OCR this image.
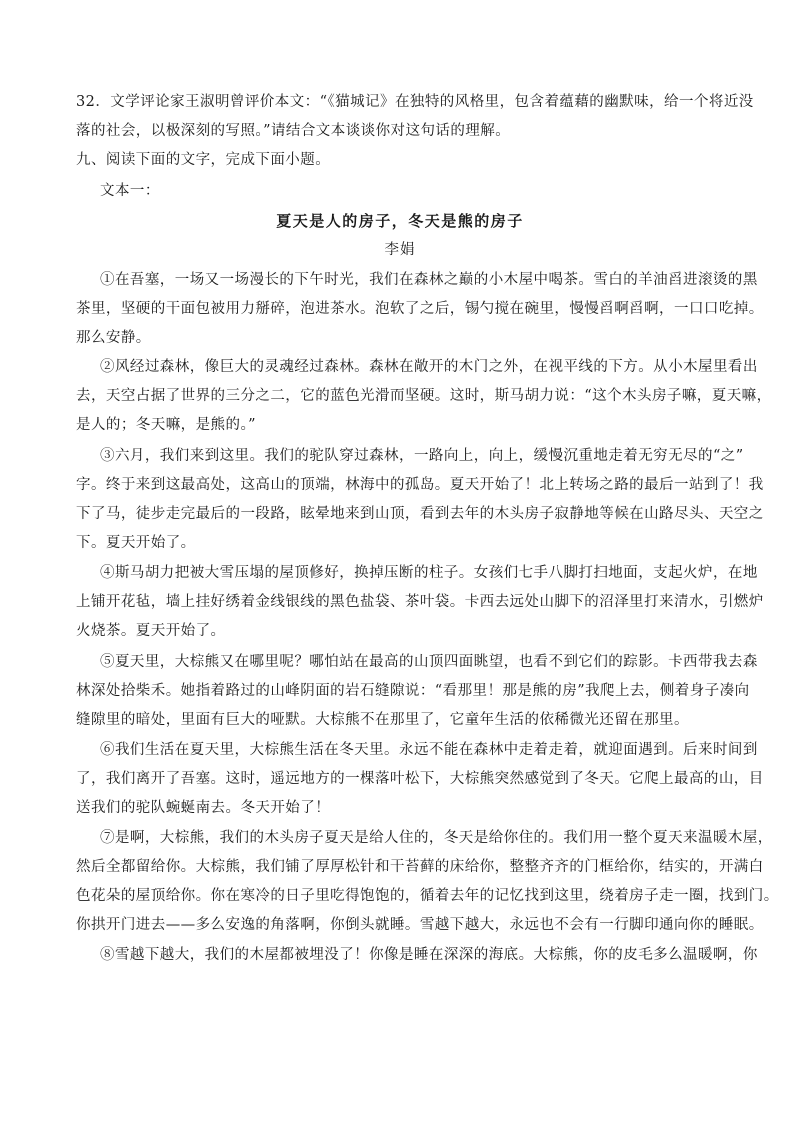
32．文学评论家王淑明曾评价本文：“《猫城记》在独特的风格里，包含着蕴藉的幽默味，给一个将近没
落的社会，以极深刻的写照。”请结合文本谈谈你对这句话的理解。
九、阅读下面的文字，完成下面小题。
文本一：
夏天是人的房子，冬天是熊的房子
李娟
①在吾塞，一场又一场漫长的下午时光，我们在森林之巅的小木屋中喝茶。雪白的羊油舀进滚烫的黑
茶里，坚硬的干面包被用力掰碎，泡进茶水。泡软了之后，锡勺搅在碗里，慢慢舀啊舀啊，一口口吃掉。
那么安静。
②风经过森林，像巨大的灵魂经过森林。森林在敞开的木门之外，在视平线的下方。从小木屋里看出
去，天空占据了世界的三分之二，它的蓝色光滑而坚硬。这时，斯马胡力说：“这个木头房子嘛，夏天嘛，
是人的；冬天嘛，是熊的。”
③六月，我们来到这里。我们的驼队穿过森林，一路向上，向上，缓慢沉重地走着无穷无尽的“之”
字。终于来到这最高处，这高山的顶端，林海中的孤岛。夏天开始了！北上转场之路的最后一站到了！我
下了马，徒步走完最后的一段路，眩晕地来到山顶，看到去年的木头房子寂静地等候在山路尽头、天空之
下。夏天开始了。
④斯马胡力把被大雪压塌的屋顶修好，换掉压断的柱子。女孩们七手八脚打扫地面，支起火炉，在地
上铺开花毡，墙上挂好绣着金线银线的黑色盐袋、茶叶袋。卡西去远处山脚下的沼泽里打来清水，引燃炉
火烧茶。夏天开始了。
⑤夏天里，大棕熊又在哪里呢？哪怕站在最高的山顶四面眺望，也看不到它们的踪影。卡西带我去森
林深处拾柴禾。她指着路过的山峰阴面的岩石缝隙说：“看那里！那是熊的房”我爬上去，侧着身子凑向
缝隙里的暗处，里面有巨大的哑默。大棕熊不在那里了，它童年生活的依稀微光还留在那里。
⑥我们生活在夏天里，大棕熊生活在冬天里。永远不能在森林中走着走着，就迎面遇到。后来时间到
了，我们离开了吾塞。这时，遥远地方的一棵落叶松下，大棕熊突然感觉到了冬天。它爬上最高的山，目
送我们的驼队蜿蜒南去。冬天开始了！
⑦是啊，大棕熊，我们的木头房子夏天是给人住的，冬天是给你住的。我们用一整个夏天来温暖木屋，
然后全都留给你。大棕熊，我们铺了厚厚松针和干苔藓的床给你，整整齐齐的门框给你，结实的，开满白
色花朵的屋顶给你。你在寒冷的日子里吃得饱饱的，循着去年的记忆找到这里，绕着房子走一圈，找到门。
你拱开门进去——多么安逸的角落啊，你倒头就睡。雪越下越大，永远也不会有一行脚印通向你的睡眠。
⑧雪越下越大，我们的木屋都被埋没了！你像是睡在深深的海底。大棕熊，你的皮毛多么温暖啊，你
